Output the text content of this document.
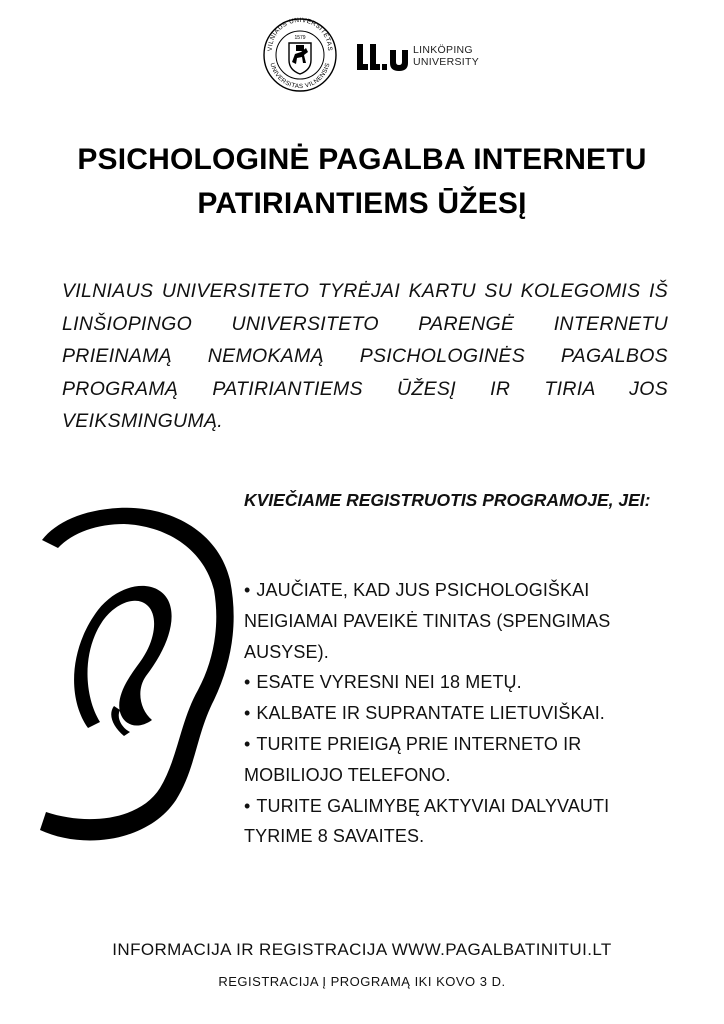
VILNIAUS UNIVERSITETAS
UNIVERSITAS VILNENSIS
1579
li.u
LINKÖPING
UNIVERSITY
PSICHOLOGINĖ PAGALBA INTERNETU
PATIRIANTIEMS ŪŽESĮ
VILNIAUS UNIVERSITETO TYRĖJAI KARTU SU KOLEGOMIS IŠ LINŠIOPINGO UNIVERSITETO PARENGĖ INTERNETU PRIEINAMĄ NEMOKAMĄ PSICHOLOGINĖS PAGALBOS PROGRAMĄ PATIRIANTIEMS ŪŽESĮ IR TIRIA JOS VEIKSMINGUMĄ.
KVIEČIAME REGISTRUOTIS PROGRAMOJE, JEI:
• JAUČIATE, KAD JUS PSICHOLOGIŠKAI NEIGIAMAI PAVEIKĖ TINITAS (SPENGIMAS AUSYSE).
• ESATE VYRESNI NEI 18 METŲ.
• KALBATE IR SUPRANTATE LIETUVIŠKAI.
• TURITE PRIEIGĄ PRIE INTERNETO IR MOBILIOJO TELEFONO.
• TURITE GALIMYBĘ AKTYVIAI DALYVAUTI TYRIME 8 SAVAITES.
INFORMACIJA IR REGISTRACIJA WWW.PAGALBATINITUI.LT
REGISTRACIJA Į PROGRAMĄ IKI KOVO 3 D.
